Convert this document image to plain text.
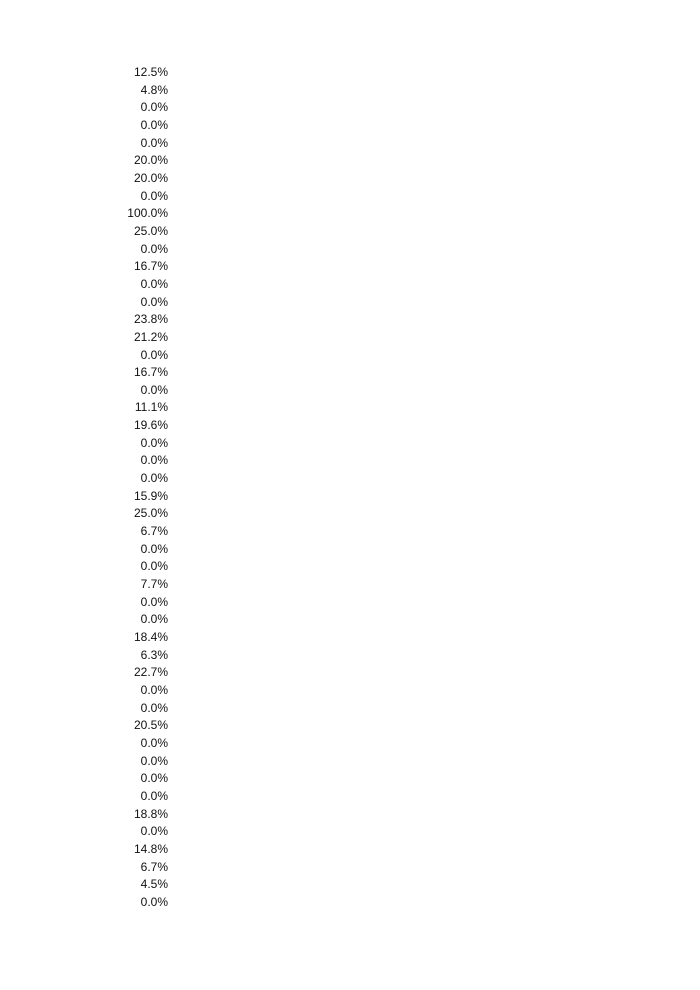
12.5%
4.8%
0.0%
0.0%
0.0%
20.0%
20.0%
0.0%
100.0%
25.0%
0.0%
16.7%
0.0%
0.0%
23.8%
21.2%
0.0%
16.7%
0.0%
11.1%
19.6%
0.0%
0.0%
0.0%
15.9%
25.0%
6.7%
0.0%
0.0%
7.7%
0.0%
0.0%
18.4%
6.3%
22.7%
0.0%
0.0%
20.5%
0.0%
0.0%
0.0%
0.0%
18.8%
0.0%
14.8%
6.7%
4.5%
0.0%
